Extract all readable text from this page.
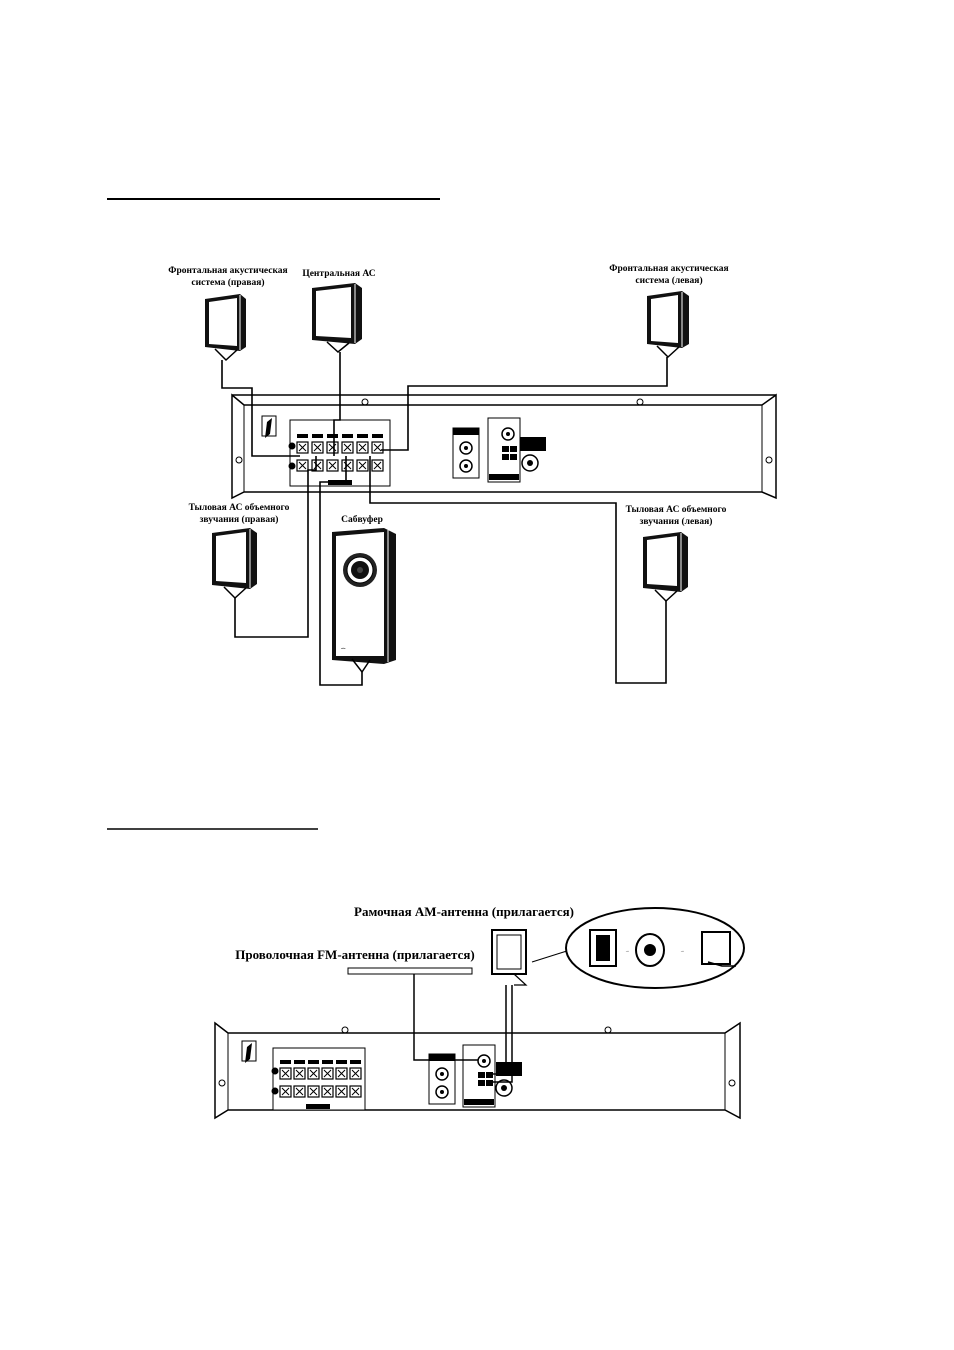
Фронтальная акустическая
система (правая)
Центральная АС	Фронтальная акустическая
система (левая)
Тыловая АС объемного
звучания (правая)	Сабвуфер
Тыловая АС объемного
звучания (левая)
⌒
Рамочная AM-антенна (прилагается)
Проволочная FM-антенна (прилагается)	→	→
